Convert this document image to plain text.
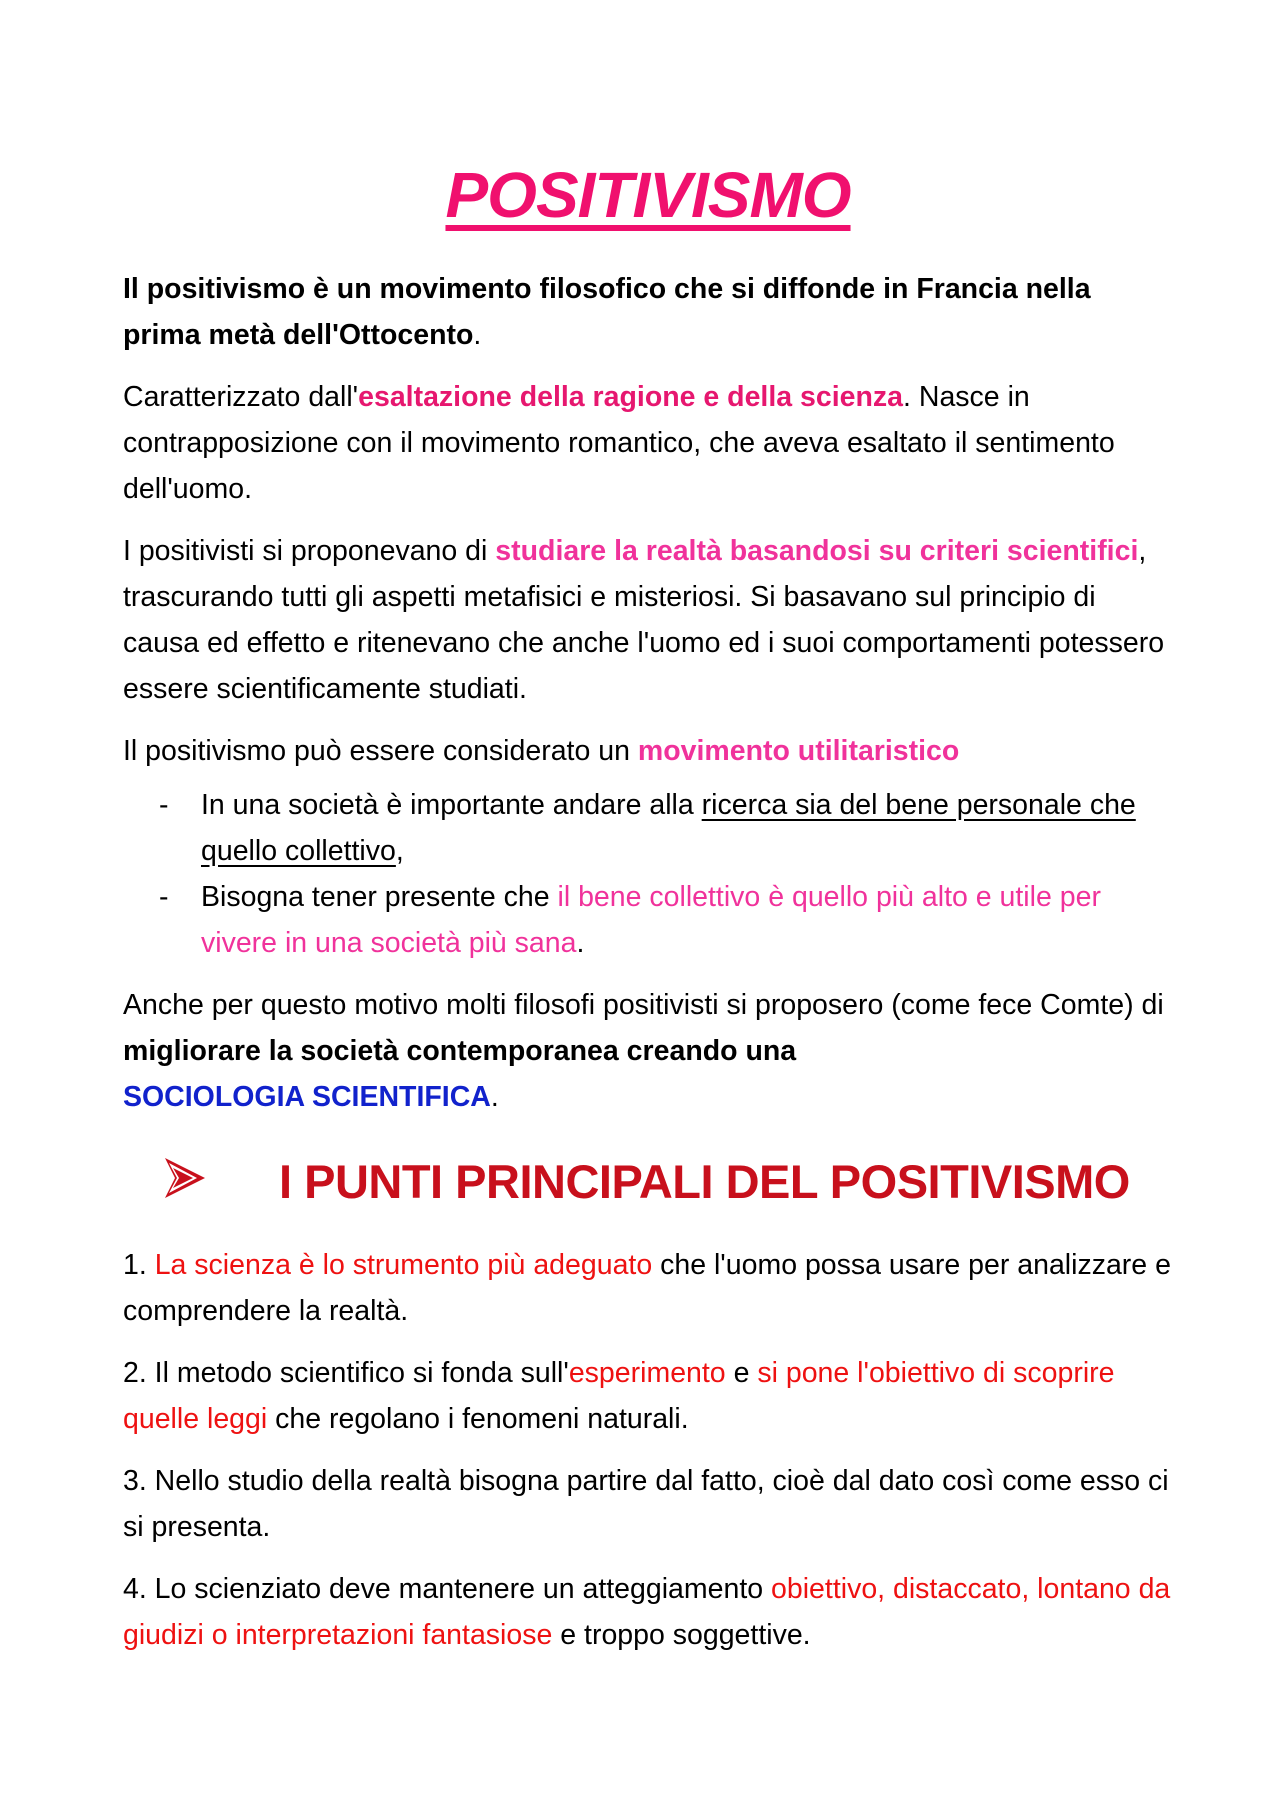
POSITIVISMO

Il positivismo è un movimento filosofico che si diffonde in Francia nella prima metà dell'Ottocento.

Caratterizzato dall'esaltazione della ragione e della scienza. Nasce in contrapposizione con il movimento romantico, che aveva esaltato il sentimento dell'uomo.

I positivisti si proponevano di studiare la realtà basandosi su criteri scientifici, trascurando tutti gli aspetti metafisici e misteriosi. Si basavano sul principio di causa ed effetto e ritenevano che anche l'uomo ed i suoi comportamenti potessero essere scientificamente studiati.

Il positivismo può essere considerato un movimento utilitaristico

- In una società è importante andare alla ricerca sia del bene personale che quello collettivo,
- Bisogna tener presente che il bene collettivo è quello più alto e utile per vivere in una società più sana.

Anche per questo motivo molti filosofi positivisti si proposero (come fece Comte) di migliorare la società contemporanea creando una
SOCIOLOGIA SCIENTIFICA.

I PUNTI PRINCIPALI DEL POSITIVISMO

1. La scienza è lo strumento più adeguato che l'uomo possa usare per analizzare e comprendere la realtà.

2. Il metodo scientifico si fonda sull'esperimento e si pone l'obiettivo di scoprire quelle leggi che regolano i fenomeni naturali.

3. Nello studio della realtà bisogna partire dal fatto, cioè dal dato così come esso ci si presenta.

4. Lo scienziato deve mantenere un atteggiamento obiettivo, distaccato, lontano da giudizi o interpretazioni fantasiose e troppo soggettive.
